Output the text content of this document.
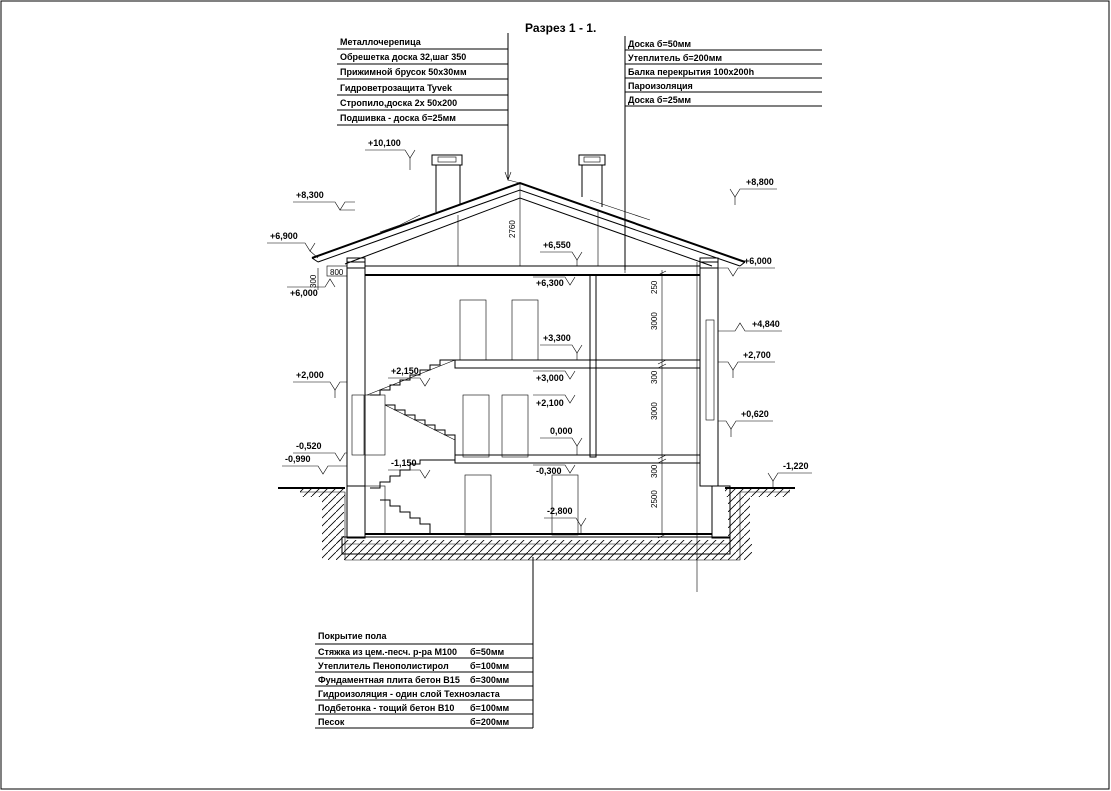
Разрез 1 - 1.
Металлочерепица
Обрешетка доска 32,шаг 350
Прижимной брусок 50х30мм
Гидроветрозащита Tyvek
Стропило,доска 2х 50х200
Подшивка - доска б=25мм
Доска б=50мм
Утеплитель б=200мм
Балка перекрытия 100х200h
Пароизоляция
Доска б=25мм
Покрытие пола
Стяжка из цем.-песч. р-ра М100 б=50мм
Утеплитель Пенополистирол б=100мм
Фундаментная плита бетон В15 б=300мм
Гидроизоляция - один слой Техноэласта
Подбетонка - тощий бетон В10 б=100мм
Песок	б=200мм
250
3000
300
3000
300
2500
2760
300
800
+10,100
+8,300
+6,900
+6,000
+2,000
-0,520
-0,990
+6,550
+6,300
+3,300
+2,150
+3,000
+2,100
0,000
-1,150
-0,300
-2,800
+8,800
+6,000
+4,840
+2,700
+0,620
-1,220
